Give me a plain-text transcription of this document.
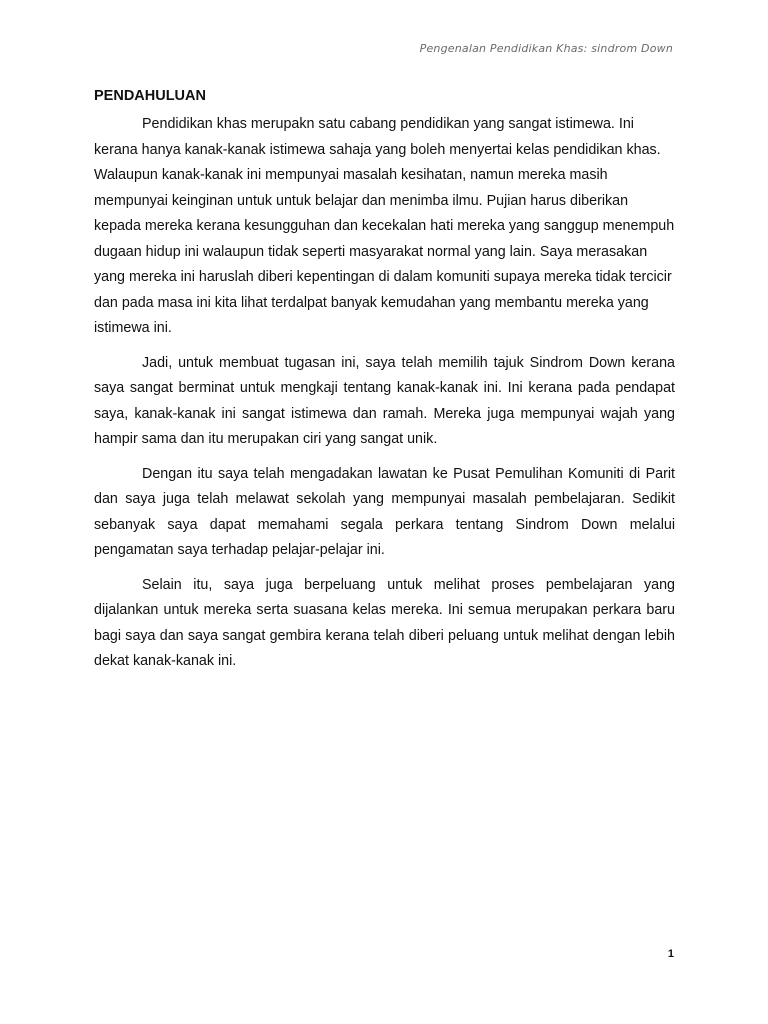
Pengenalan Pendidikan Khas: sindrom Down
PENDAHULUAN

Pendidikan khas merupakn satu cabang pendidikan yang sangat istimewa. Ini kerana hanya kanak-kanak istimewa sahaja yang boleh menyertai kelas pendidikan khas. Walaupun kanak-kanak ini mempunyai masalah kesihatan, namun mereka masih mempunyai keinginan untuk untuk belajar dan menimba ilmu. Pujian harus diberikan kepada mereka kerana kesungguhan dan kecekalan hati mereka yang sanggup menempuh dugaan hidup ini walaupun tidak seperti masyarakat normal yang lain. Saya merasakan yang mereka ini haruslah diberi kepentingan di dalam komuniti supaya mereka tidak tercicir dan pada masa ini kita lihat terdalpat banyak kemudahan yang membantu mereka yang istimewa ini.

Jadi, untuk membuat tugasan ini, saya telah memilih tajuk Sindrom Down kerana saya sangat berminat untuk mengkaji tentang kanak-kanak ini. Ini kerana pada pendapat saya, kanak-kanak ini sangat istimewa dan ramah. Mereka juga mempunyai wajah yang hampir sama dan itu merupakan ciri yang sangat unik.

Dengan itu saya telah mengadakan lawatan ke Pusat Pemulihan Komuniti di Parit dan saya juga telah melawat sekolah yang mempunyai masalah pembelajaran. Sedikit sebanyak saya dapat memahami segala perkara tentang Sindrom Down melalui pengamatan saya terhadap pelajar-pelajar ini.

Selain itu, saya juga berpeluang untuk melihat proses pembelajaran yang dijalankan untuk mereka serta suasana kelas mereka. Ini semua merupakan perkara baru bagi saya dan saya sangat gembira kerana telah diberi peluang untuk melihat dengan lebih dekat kanak-kanak ini.

1
